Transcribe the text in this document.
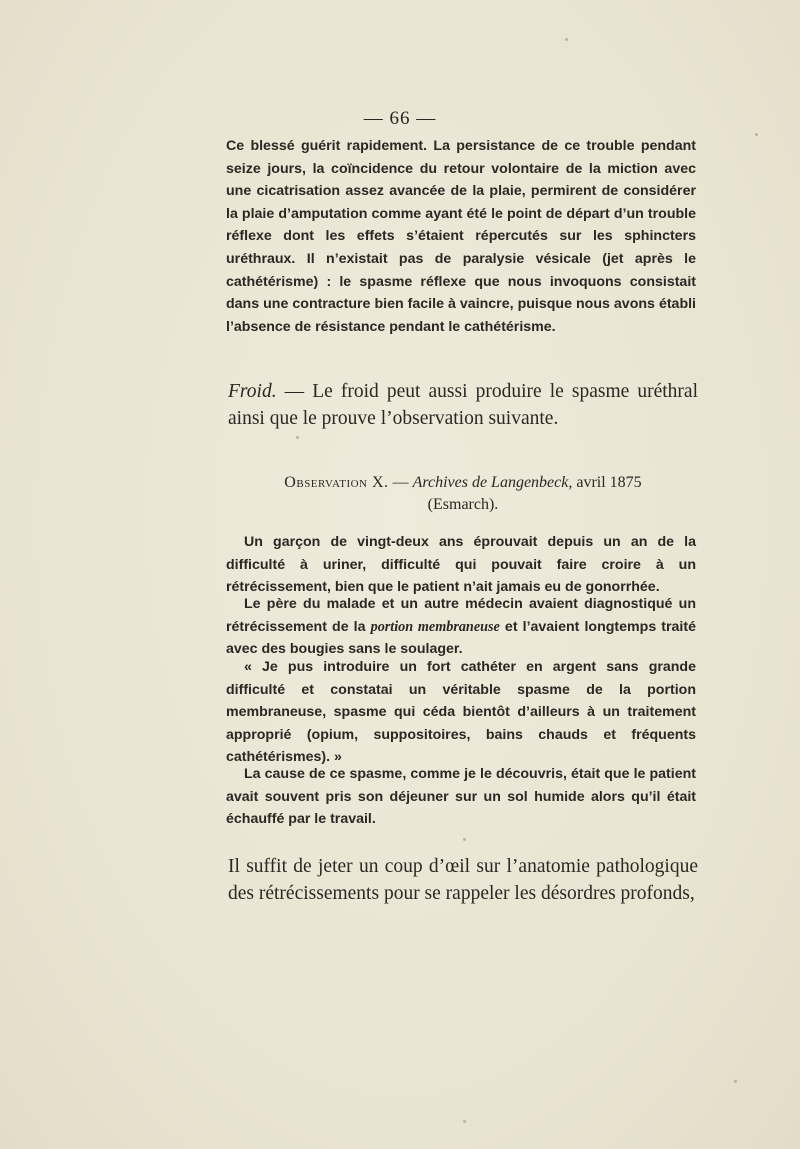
— 66 —

Ce blessé guérit rapidement. La persistance de ce trouble pendant seize jours, la coïncidence du retour volontaire de la miction avec une cicatrisation assez avancée de la plaie, permirent de considérer la plaie d’amputation comme ayant été le point de départ d’un trouble réflexe dont les effets s’étaient répercutés sur les sphincters uréthraux. Il n’existait pas de paralysie vésicale (jet après le cathétérisme) : le spasme réflexe que nous invoquons consistait dans une contracture bien facile à vaincre, puisque nous avons établi l’absence de résistance pendant le cathétérisme.

Froid. — Le froid peut aussi produire le spasme uréthral ainsi que le prouve l’observation suivante.

Observation X. — Archives de Langenbeck, avril 1875
(Esmarch).

Un garçon de vingt-deux ans éprouvait depuis un an de la difficulté à uriner, difficulté qui pouvait faire croire à un rétrécissement, bien que le patient n’ait jamais eu de gonorrhée.

Le père du malade et un autre médecin avaient diagnostiqué un rétrécissement de la portion membraneuse et l’avaient longtemps traité avec des bougies sans le soulager.

« Je pus introduire un fort cathéter en argent sans grande difficulté et constatai un véritable spasme de la portion membraneuse, spasme qui céda bientôt d’ailleurs à un traitement approprié (opium, suppositoires, bains chauds et fréquents cathétérismes). »

La cause de ce spasme, comme je le découvris, était que le patient avait souvent pris son déjeuner sur un sol humide alors qu’il était échauffé par le travail.

Il suffit de jeter un coup d’œil sur l’anatomie pathologique des rétrécissements pour se rappeler les désordres profonds,
